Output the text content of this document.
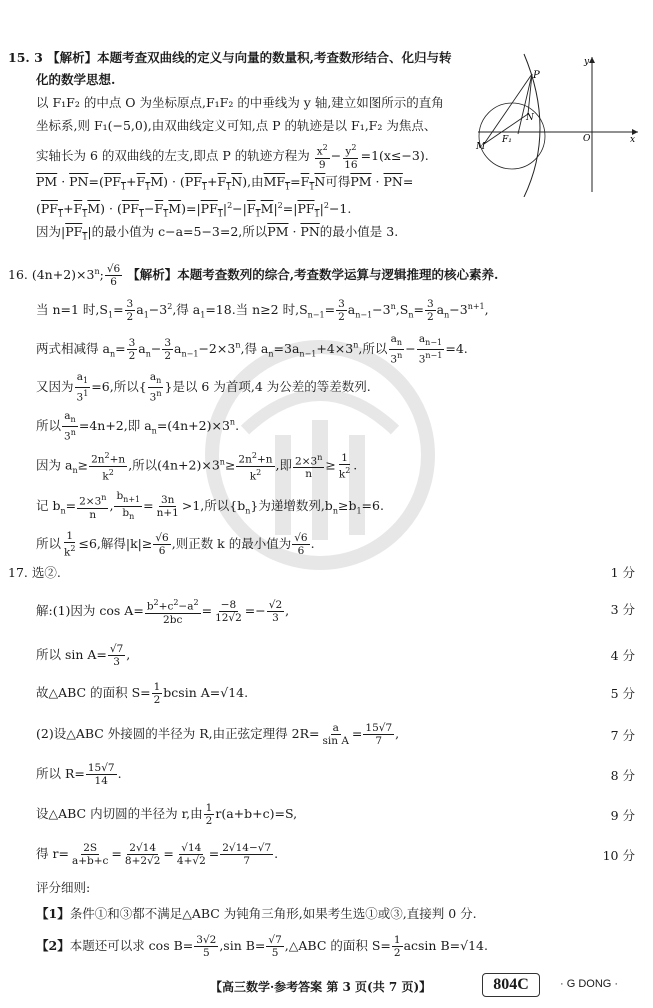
15. 3 【解析】本题考查双曲线的定义与向量的数量积,考查数形结合、化归与转
化的数学思想.
以 F₁F₂ 的中点 O 为坐标原点,F₁F₂ 的中垂线为 y 轴,建立如图所示的直角
坐标系,则 F₁(−5,0),由双曲线定义可知,点 P 的轨迹是以 F₁,F₂ 为焦点、
实轴长为 6 的双曲线的左支,即点 P 的轨迹方程为 $\frac{x^2}{9} - \frac{y^2}{16} =1(x\le-3)$.
$\overline{PM} \cdot \overline{PN}=(PF_1+F_1M) \cdot (PF_1+F_1N)$,由$MF_1=F_1N$可得$\overline{PM} \cdot \overline{PN}=$
$(PF_1+F_1M) \cdot (PF_1-F_1M)=|PF_1|^2-|F_1M|^2=|PF_1|^2-1$.
因为$|PF_1|$的最小值为 c−a=5−3=2,所以$\overline{PM} \cdot \overline{PN}$的最小值是 3.
P
N
M
F₁	O
y
x
16. $(4n+2)\times 3^n$; $\frac{√6}{6}$ 【解析】本题考查数列的综合,考查数学运算与逻辑推理的核心素养.
当 n=1 时$,S_1= \frac{3}{2} a_1-3^2$,得 $a_1=18$.当 n≥2 时$,S_{n-1}= \frac{3}{2} a_{n-1}-3^n,S_n= \frac{3}{2} a_n-3^{n+1}$,
两式相减得 $a_n= \frac{3}{2} a_n- \frac{3}{2} a_{n-1}-2\times 3^n$,得 $a_n=3a_{n-1}+4\times 3^n$,所以 $\frac{a_n}{3^n} - \frac{a_{n-1}}{3^{n-1}} =4$.
又因为 $\frac{a_1}{3^1} =6$,所以{ $\frac{a_n}{3^n}$ }是以 6 为首项,4 为公差的等差数列.
所以 $\frac{a_n}{3^n} =4n+2$,即 $a_n=(4n+2)\times 3^n$.
因为 $a_n\ge \frac{2n^2+n}{k^2}$ ,所以$(4n+2)\times 3^n\ge \frac{2n^2+n}{k^2}$ ,即 $\frac{2\times 3^n}{n} \ge \frac{1}{k^2}$ .
记 $b_n= \frac{2\times 3^n}{n}$ , $\frac{b_{n+1}}{b_n} = \frac{3n}{n+1} >1$,所以$\{b_n\}$为递增数列$,b_n\ge b_1=6$.
所以 $\frac{1}{k^2} \le 6$,解得$|k|\ge \frac{√6}{6}$ ,则正数 k 的最小值为 $\frac{√6}{6}$ .
17. 选②.	1 分
解:(1)因为 $\cos A= \frac{b^2+c^2-a^2}{2bc} = \frac{-8}{12√2} =- \frac{√2}{3}$ ,	3 分
所以 $\sin A= \frac{√7}{3}$ ,	4 分
故△ABC 的面积 $S= \frac{1}{2}$ bcsin A=√14.	5 分
(2)设△ABC 外接圆的半径为 R,由正弦定理得 $2R= \frac{a}{\text{sin A}} = \frac{15√7}{7}$ ,	7 分
所以 $R= \frac{15√7}{14}$ .	8 分
设△ABC 内切圆的半径为 r,由 $\frac{1}{2} r(a+b+c)=S$,	9 分
得 $r= \frac{2S}{a+b+c} = \frac{2√14}{8+2√2} = \frac{√14}{4+√2} = \frac{2√14-√7}{7}$ .	10 分
评分细则:
【1】条件①和③都不满足△ABC 为钝角三角形,如果考生选①或③,直接判 0 分.
【2】本题还可以求 $\cos B= \frac{3√2}{5} ,\sin$ $B= \frac{√7}{5}$ ,△ABC 的面积 $S= \frac{1}{2}$ acsin B=√14.
【高三数学·参考答案 第 3 页(共 7 页)】	804C	· G DONG ·
